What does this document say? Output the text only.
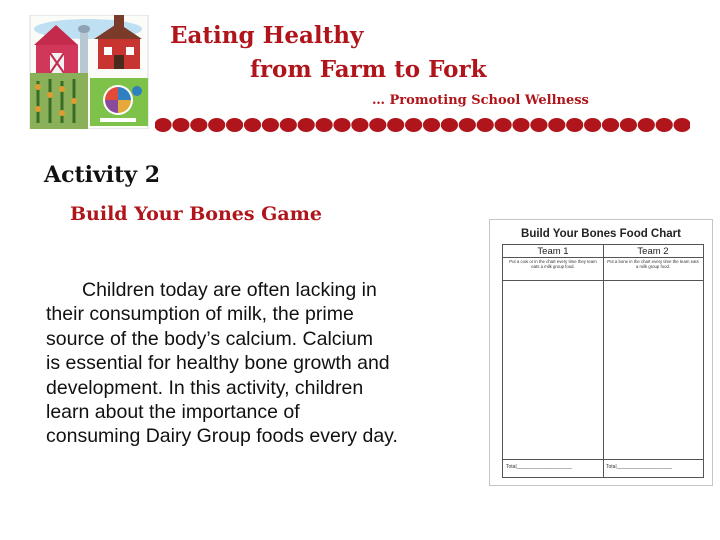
Eating Healthy
from Farm to Fork
… Promoting School Wellness
Activity 2
Build Your Bones Game
Children today are often lacking in
their consumption of milk, the prime
source of the body’s calcium. Calcium
is essential for healthy bone growth and
development. In this activity, children
learn about the importance of
consuming Dairy Group foods every day.
Build Your Bones Food Chart
Team 1	Team 2
Put a cow or in the chart every time they team eats a milk group food.
Put a bone in the chart every time the team eats a milk group food.
Total____________________	Total____________________
